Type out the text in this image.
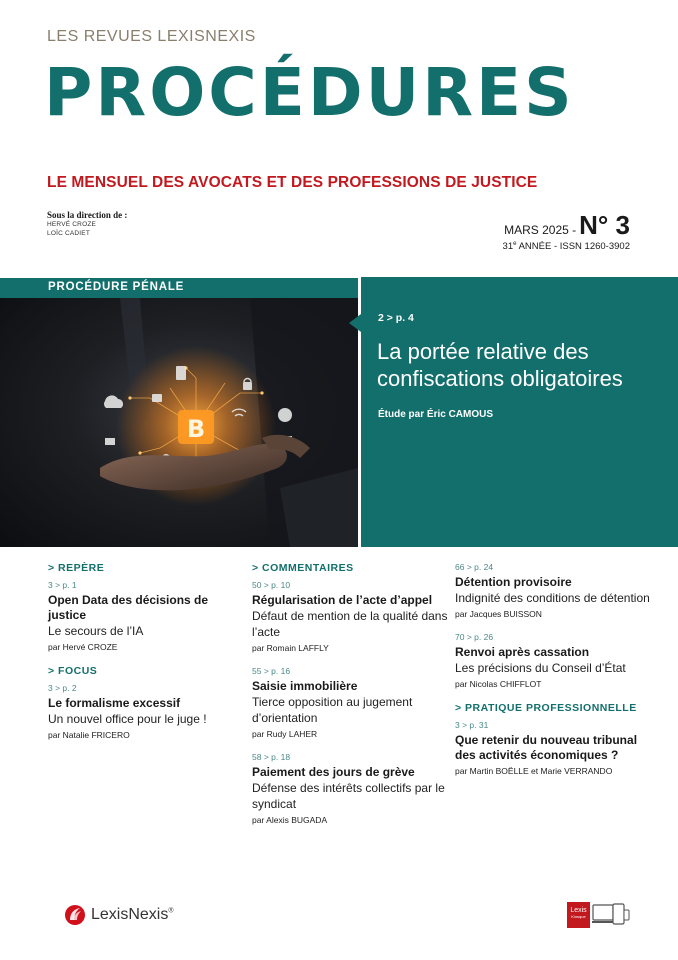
LES REVUES LEXISNEXIS
PROCÉDURES
LE MENSUEL DES AVOCATS ET DES PROFESSIONS DE JUSTICE
Sous la direction de :
HERVÉ CROZE
LOÏC CADIET	MARS 2025 - N° 3
31e ANNÉE - ISSN 1260-3902
PROCÉDURE PÉNALE
B
2 > p. 4
La portée relative des confiscations obligatoires
Étude par Éric CAMOUS
> REPÈRE
3 > p. 1
Open Data des décisions de justice
Le secours de l’IA
par Hervé CROZE
> FOCUS
3 > p. 2
Le formalisme excessif
Un nouvel office pour le juge !
par Natalie FRICERO
> COMMENTAIRES
50 > p. 10
Régularisation de l’acte d’appel
Défaut de mention de la qualité dans l’acte
par Romain LAFFLY
55 > p. 16
Saisie immobilière
Tierce opposition au jugement d’orientation
par Rudy LAHER
58 > p. 18
Paiement des jours de grève
Défense des intérêts collectifs par le syndicat
par Alexis BUGADA
66 > p. 24
Détention provisoire
Indignité des conditions de détention
par Jacques BUISSON
70 > p. 26
Renvoi après cassation
Les précisions du Conseil d’État
par Nicolas CHIFFLOT
> PRATIQUE PROFESSIONNELLE
3 > p. 31
Que retenir du nouveau tribunal des activités économiques ?
par Martin BOËLLE et Marie VERRANDO
LexisNexis®	Lexis
Kiosque
